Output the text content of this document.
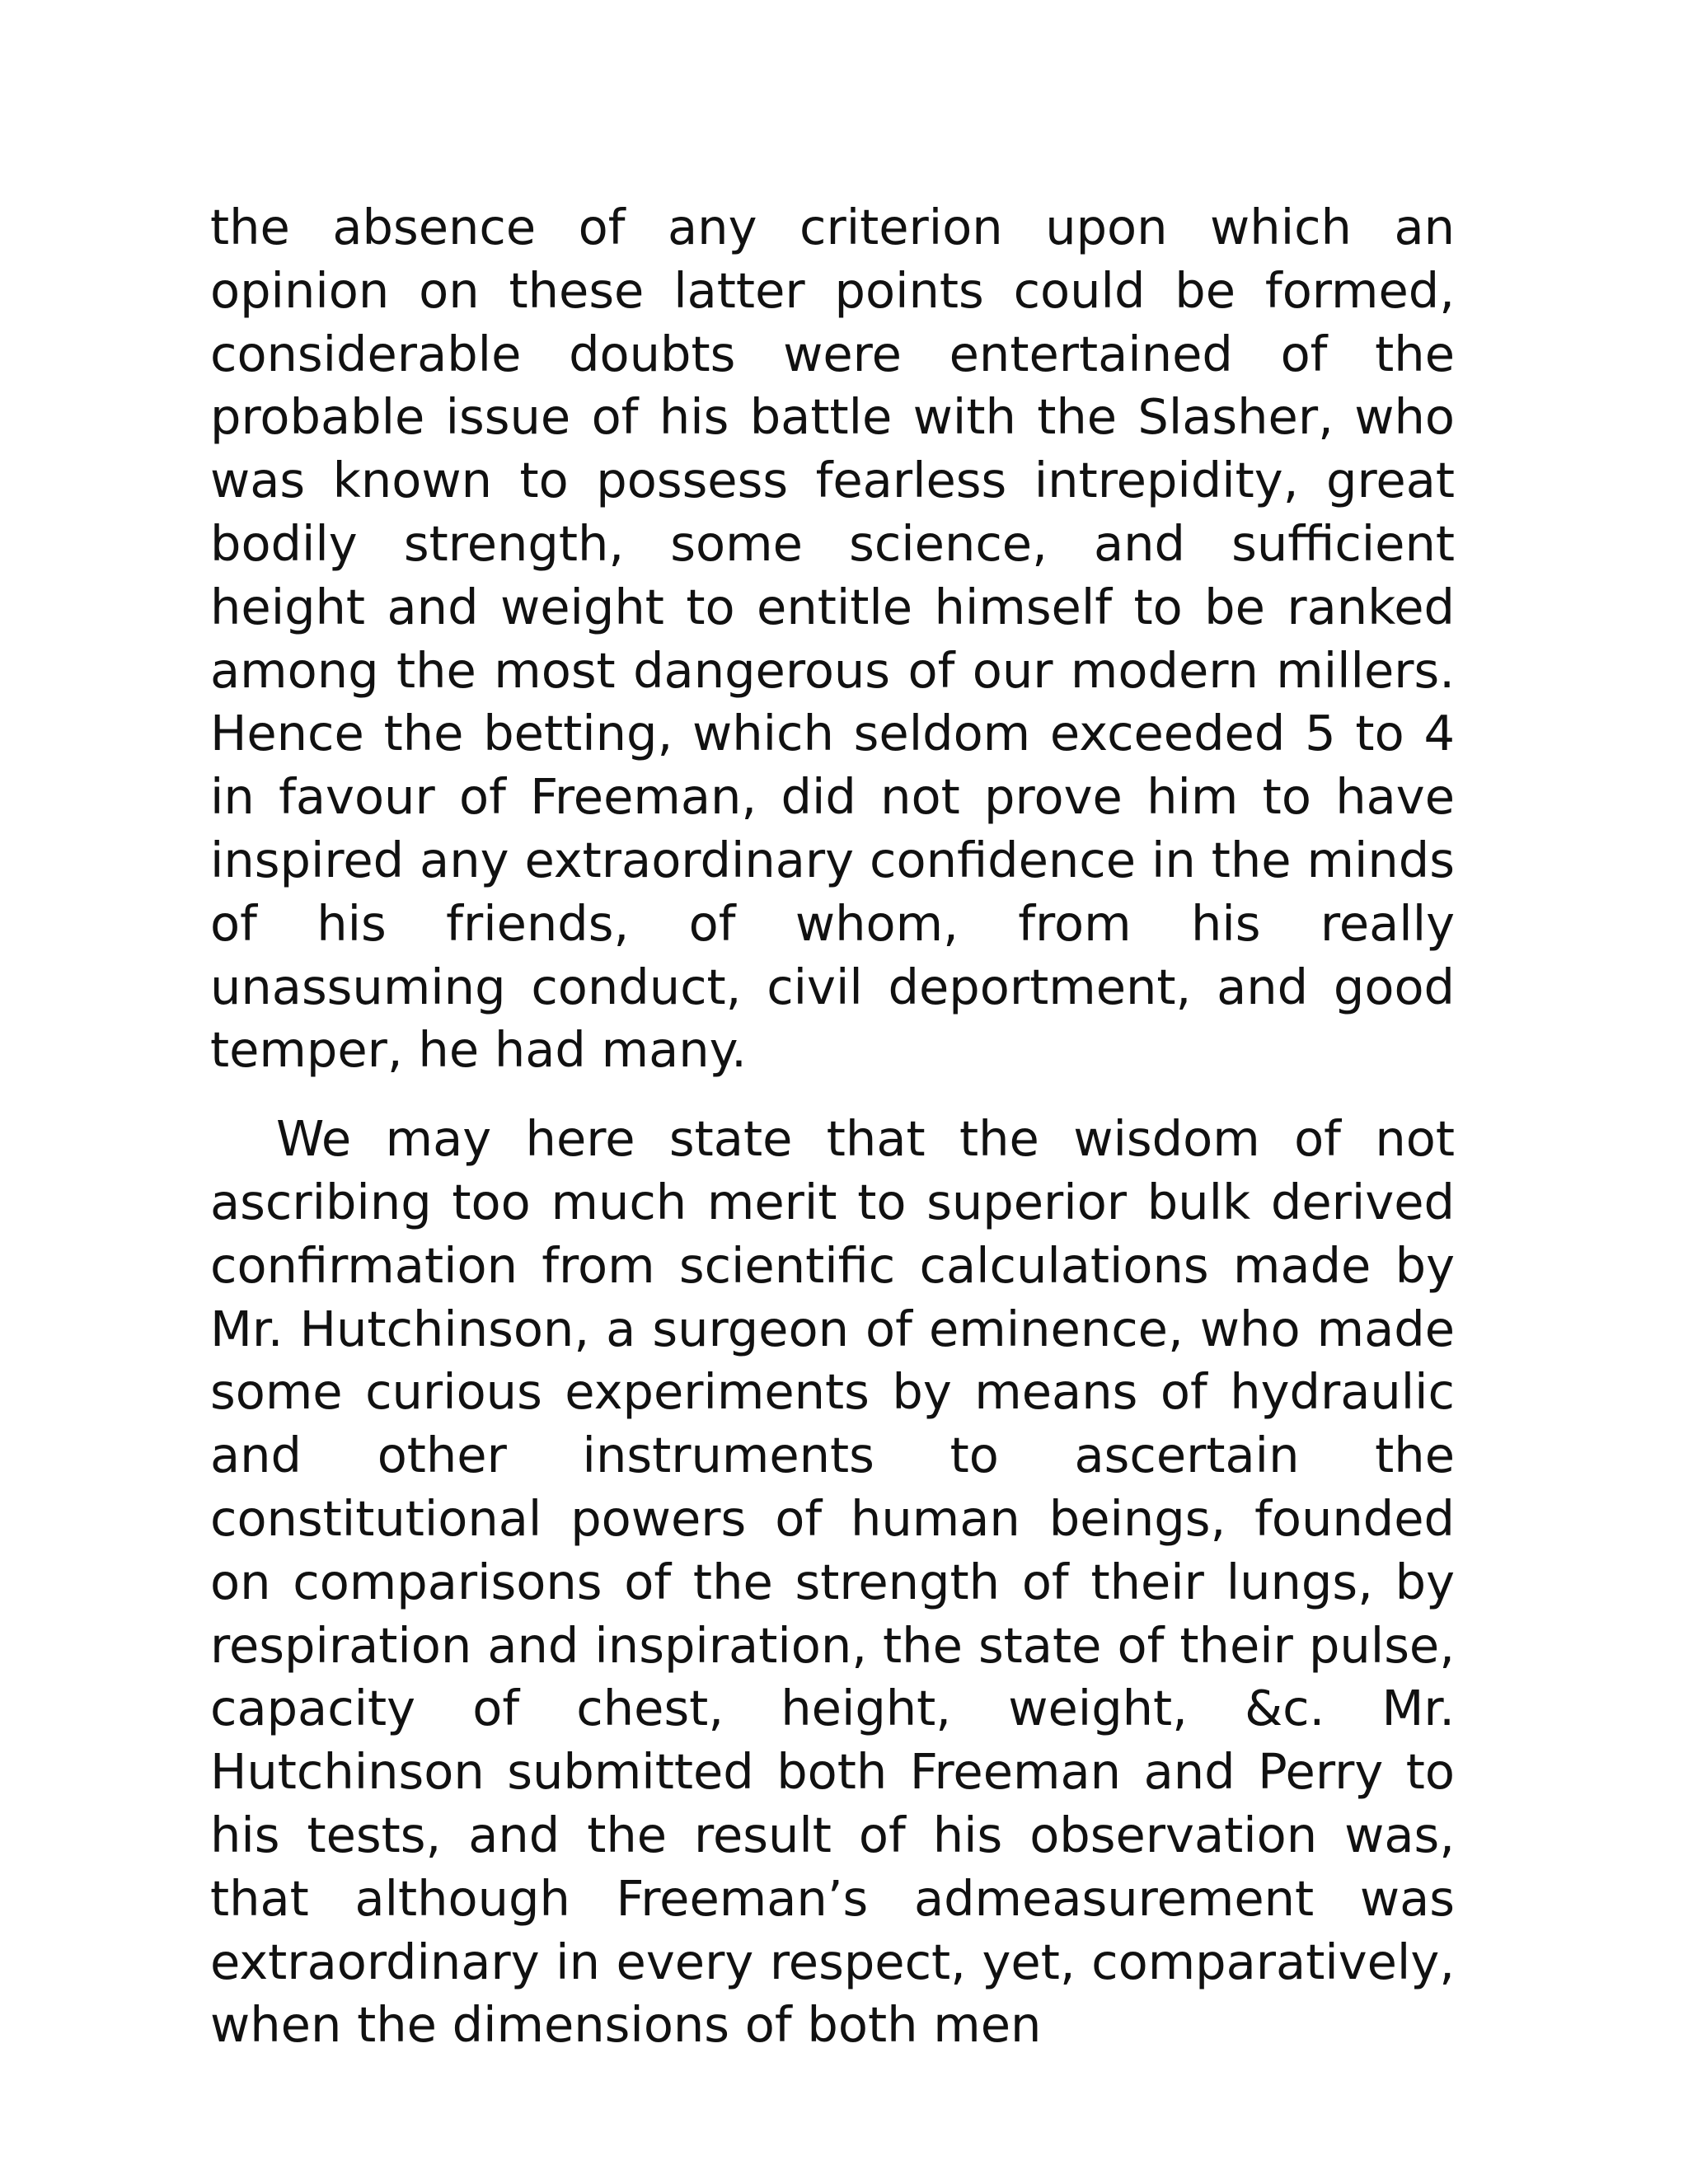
the absence of any criterion upon which an opinion on these latter points could be formed, considerable doubts were entertained of the probable issue of his battle with the Slasher, who was known to possess fearless intrepidity, great bodily strength, some science, and sufficient height and weight to entitle himself to be ranked among the most dangerous of our modern millers. Hence the betting, which seldom exceeded 5 to 4 in favour of Freeman, did not prove him to have inspired any extraordinary confidence in the minds of his friends, of whom, from his really unassuming conduct, civil deportment, and good temper, he had many.

We may here state that the wisdom of not ascribing too much merit to superior bulk derived confirmation from scientific calculations made by Mr. Hutchinson, a surgeon of eminence, who made some curious experiments by means of hydraulic and other instruments to ascertain the constitutional powers of human beings, founded on comparisons of the strength of their lungs, by respiration and inspiration, the state of their pulse, capacity of chest, height, weight, &c. Mr. Hutchinson submitted both Freeman and Perry to his tests, and the result of his observation was, that although Freeman’s admeasurement was extraordinary in every respect, yet, comparatively, when the dimensions of both men
